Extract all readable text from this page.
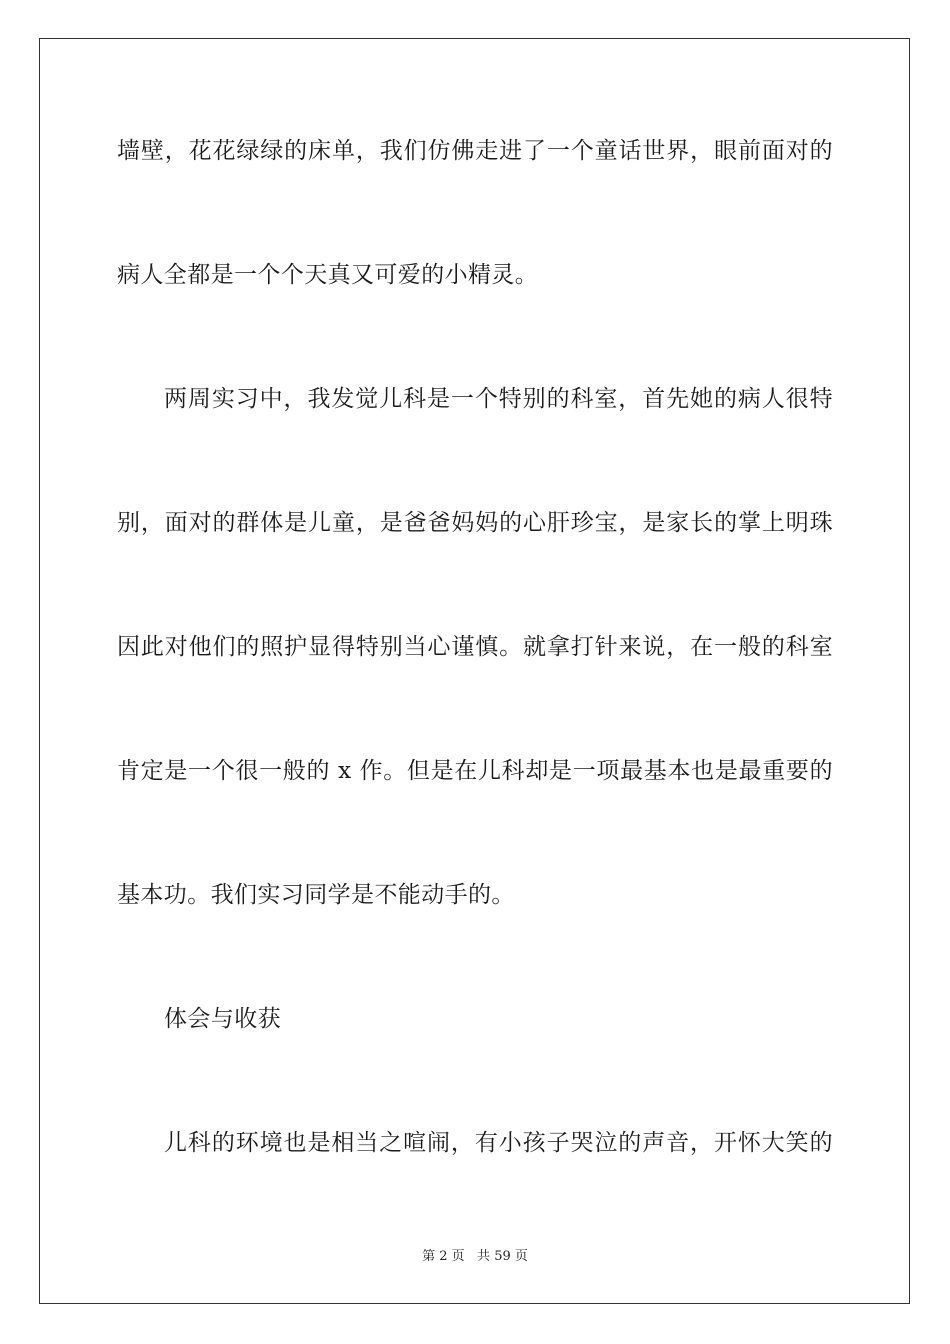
墙壁，花花绿绿的床单，我们仿佛走进了一个童话世界，眼前面对的
病人全都是一个个天真又可爱的小精灵。
两周实习中，我发觉儿科是一个特别的科室，首先她的病人很特
别，面对的群体是儿童，是爸爸妈妈的心肝珍宝，是家长的掌上明珠
因此对他们的照护显得特别当心谨慎。就拿打针来说，在一般的科室
肯定是一个很一般的 x 作。但是在儿科却是一项最基本也是最重要的
基本功。我们实习同学是不能动手的。
体会与收获
儿科的环境也是相当之喧闹，有小孩子哭泣的声音，开怀大笑的
第 2 页   共 59 页
